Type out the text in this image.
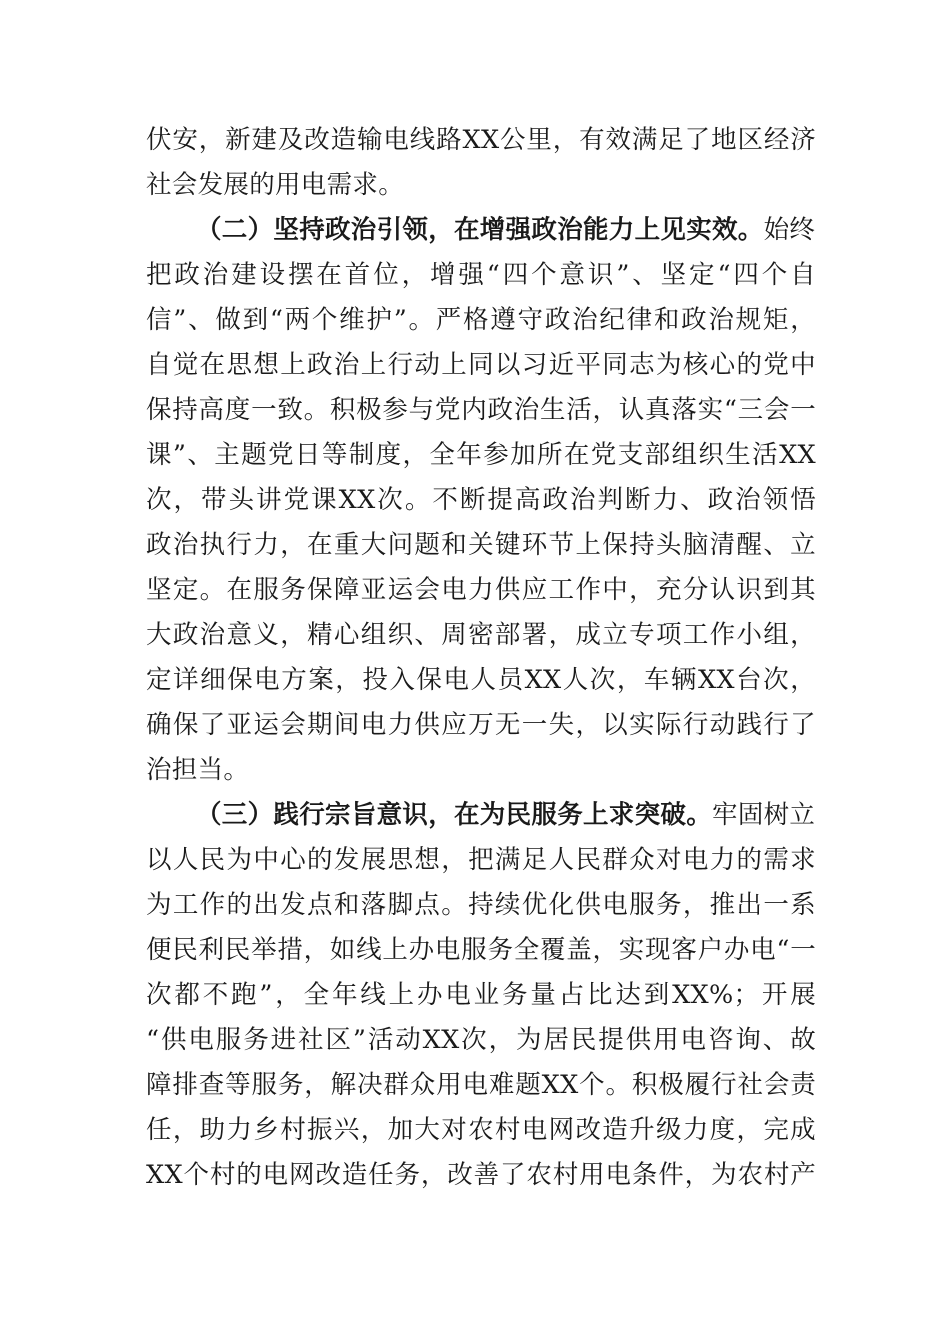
伏安，新建及改造输电线路XX公里，有效满足了地区经济
社会发展的用电需求。
（二）坚持政治引领，在增强政治能力上见实效。始终
把政治建设摆在首位，增强“四个意识”、坚定“四个自
信”、做到“两个维护”。严格遵守政治纪律和政治规矩，
自觉在思想上政治上行动上同以习近平同志为核心的党中
保持高度一致。积极参与党内政治生活，认真落实“三会一
课”、主题党日等制度，全年参加所在党支部组织生活XX
次，带头讲党课XX次。不断提高政治判断力、政治领悟
政治执行力，在重大问题和关键环节上保持头脑清醒、立
坚定。在服务保障亚运会电力供应工作中，充分认识到其
大政治意义，精心组织、周密部署，成立专项工作小组，
定详细保电方案，投入保电人员XX人次，车辆XX台次，
确保了亚运会期间电力供应万无一失，以实际行动践行了
治担当。
（三）践行宗旨意识，在为民服务上求突破。牢固树立
以人民为中心的发展思想，把满足人民群众对电力的需求
为工作的出发点和落脚点。持续优化供电服务，推出一系
便民利民举措，如线上办电服务全覆盖，实现客户办电“一
次都不跑”，全年线上办电业务量占比达到XX%；开展
“供电服务进社区”活动XX次，为居民提供用电咨询、故
障排查等服务，解决群众用电难题XX个。积极履行社会责
任，助力乡村振兴，加大对农村电网改造升级力度，完成
XX个村的电网改造任务，改善了农村用电条件，为农村产
